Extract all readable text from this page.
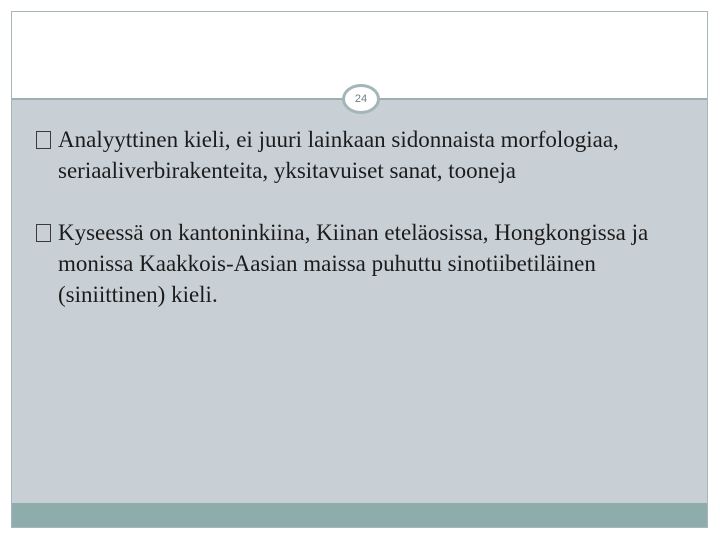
24
Analyyttinen kieli, ei juuri lainkaan sidonnaista morfologiaa, seriaaliverbirakenteita, yksitavuiset sanat, tooneja
Kyseessä on kantoninkiina, Kiinan eteläosissa, Hongkongissa ja monissa Kaakkois-Aasian maissa puhuttu sinotiibetiläinen (siniittinen) kieli.
